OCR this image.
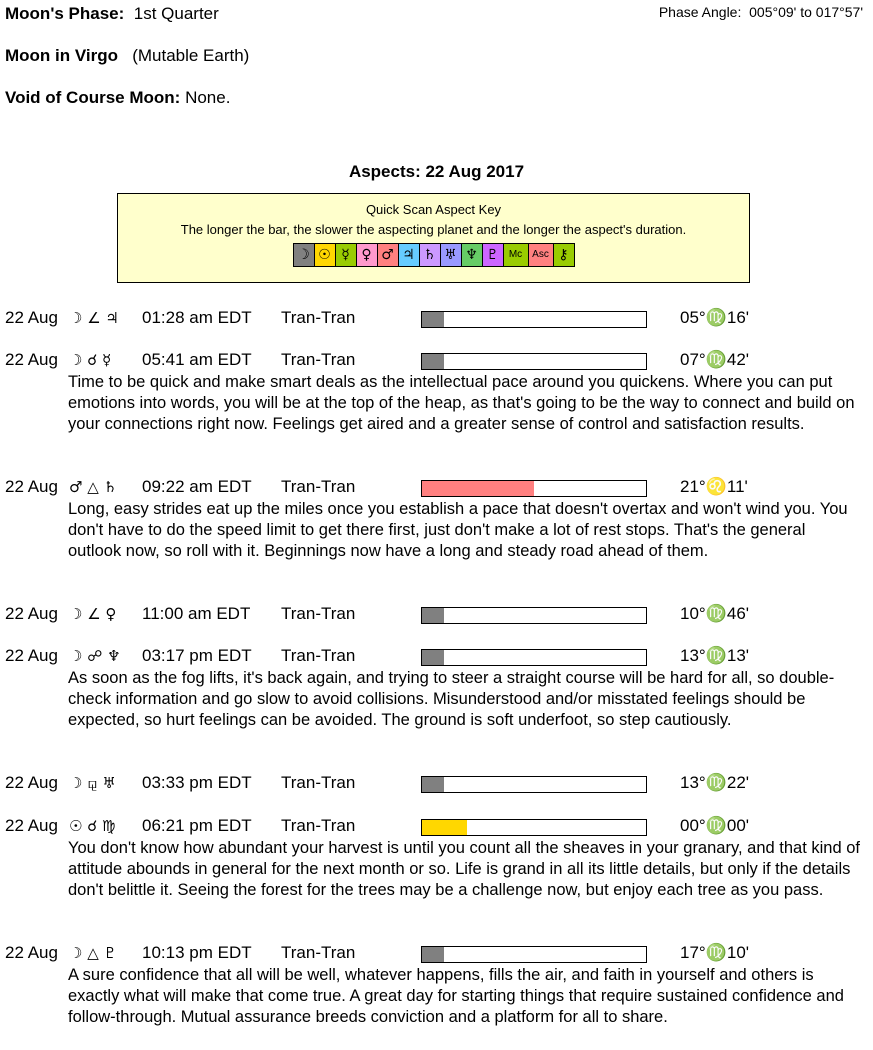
Moon's Phase: 1st Quarter	Phase Angle: 005°09' to 017°57'
Moon in Virgo (Mutable Earth)
Void of Course Moon: None.
Aspects: 22 Aug 2017
Quick Scan Aspect Key
The longer the bar, the slower the aspecting planet and the longer the aspect's duration.
☽ ☉ ☿ ♀ ♂ ♃ ♄ ♅ ♆ ♇	Mc Asc ⚷
22 Aug ☽ ∠ ♃ 01:28 am EDT Tran-Tran	05°♍16'
22 Aug ☽ ☌ ☿ 05:41 am EDT Tran-Tran	07°♍42'
Time to be quick and make smart deals as the intellectual pace around you quickens. Where you can put emotions into words, you will be at the top of the heap, as that's going to be the way to connect and build on your connections right now. Feelings get aired and a greater sense of control and satisfaction results.
22 Aug ♂ △ ♄ 09:22 am EDT Tran-Tran	21°♌11'
Long, easy strides eat up the miles once you establish a pace that doesn't overtax and won't wind you. You don't have to do the speed limit to get there first, just don't make a lot of rest stops. That's the general outlook now, so roll with it. Beginnings now have a long and steady road ahead of them.
22 Aug ☽ ∠ ♀ 11:00 am EDT Tran-Tran	10°♍46'
22 Aug ☽ ☍ ♆ 03:17 pm EDT Tran-Tran	13°♍13'
As soon as the fog lifts, it's back again, and trying to steer a straight course will be hard for all, so double-check information and go slow to avoid collisions. Misunderstood and/or misstated feelings should be expected, so hurt feelings can be avoided. The ground is soft underfoot, so step cautiously.
22 Aug ☽ ⚼ ♅ 03:33 pm EDT Tran-Tran	13°♍22'
22 Aug ☉ ☌ ♍ 06:21 pm EDT Tran-Tran	00°♍00'
You don't know how abundant your harvest is until you count all the sheaves in your granary, and that kind of attitude abounds in general for the next month or so. Life is grand in all its little details, but only if the details don't belittle it. Seeing the forest for the trees may be a challenge now, but enjoy each tree as you pass.
22 Aug ☽ △ ♇ 10:13 pm EDT Tran-Tran	17°♍10'
A sure confidence that all will be well, whatever happens, fills the air, and faith in yourself and others is exactly what will make that come true. A great day for starting things that require sustained confidence and follow-through. Mutual assurance breeds conviction and a platform for all to share.
